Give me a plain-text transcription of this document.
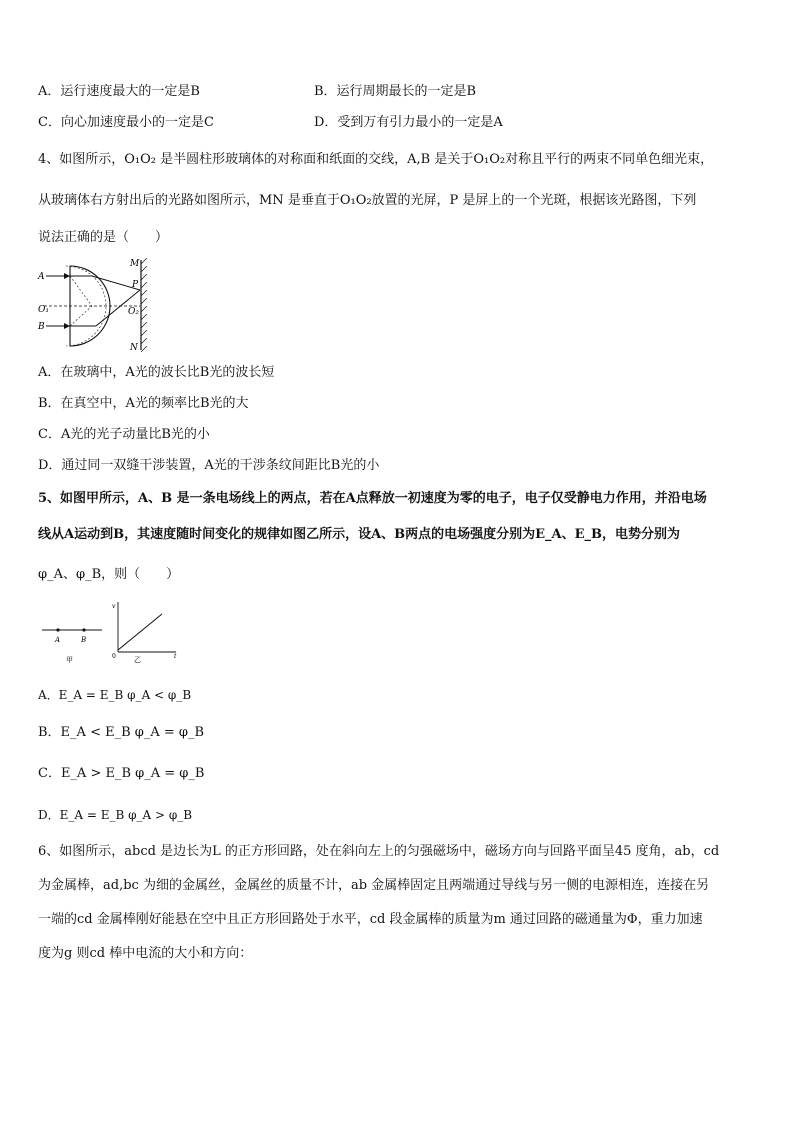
A．运行速度最大的一定是B	B．运行周期最长的一定是B
C．向心加速度最小的一定是C	D．受到万有引力最小的一定是A
4、如图所示，O₁O₂ 是半圆柱形玻璃体的对称面和纸面的交线，A,B 是关于O₁O₂对称且平行的两束不同单色细光束，
从玻璃体右方射出后的光路如图所示，MN 是垂直于O₁O₂放置的光屏，P 是屏上的一个光斑，根据该光路图，下列
说法正确的是（　　）
A
B
O₁	O₂
M
N
P
A．在玻璃中，A光的波长比B光的波长短
B．在真空中，A光的频率比B光的大
C．A光的光子动量比B光的小
D．通过同一双缝干涉装置，A光的干涉条纹间距比B光的小
5、如图甲所示，A、B 是一条电场线上的两点，若在A点释放一初速度为零的电子，电子仅受静电力作用，并沿电场
线从A运动到B，其速度随时间变化的规律如图乙所示，设A、B两点的电场强度分别为E_A、E_B，电势分别为
φ_A、φ_B，则（　　）
A	B
甲
v
t
0	乙
A．E_A = E_B φ_A < φ_B
B．E_A < E_B φ_A = φ_B
C．E_A > E_B φ_A = φ_B
D．E_A = E_B φ_A > φ_B
6、如图所示，abcd 是边长为L 的正方形回路，处在斜向左上的匀强磁场中，磁场方向与回路平面呈45 度角，ab，cd
为金属棒，ad,bc 为细的金属丝，金属丝的质量不计，ab 金属棒固定且两端通过导线与另一侧的电源相连，连接在另
一端的cd 金属棒刚好能悬在空中且正方形回路处于水平，cd 段金属棒的质量为m 通过回路的磁通量为Φ，重力加速
度为g 则cd 棒中电流的大小和方向：
